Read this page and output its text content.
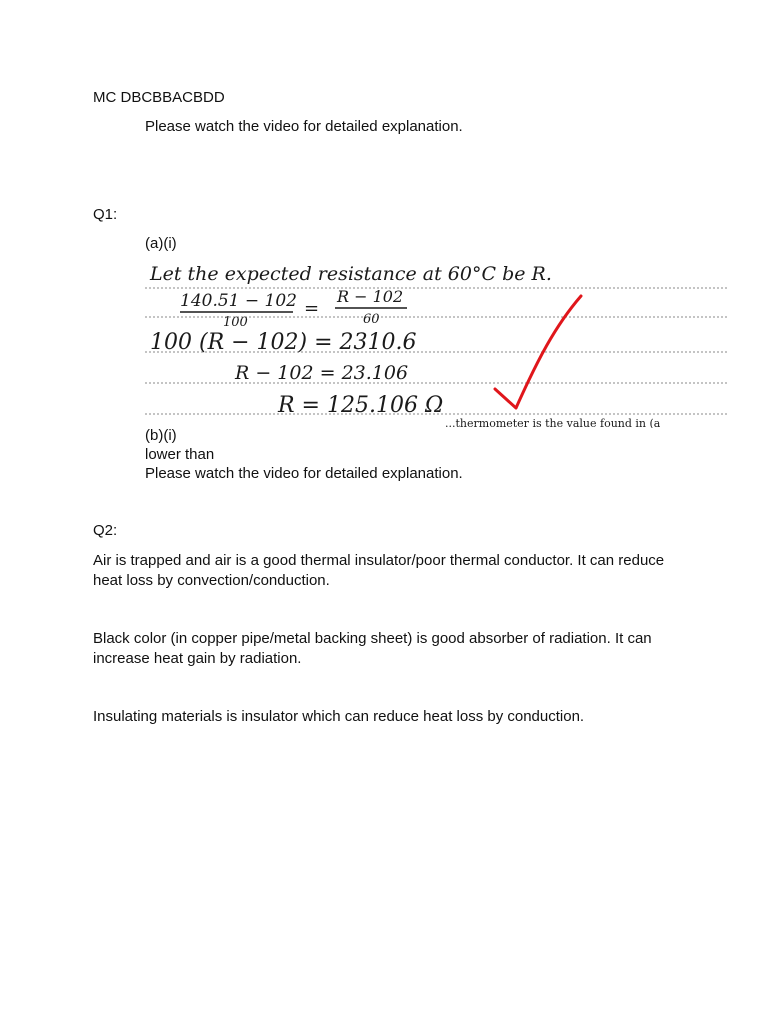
MC DBCBBACBDD
Please watch the video for detailed explanation.
Q1:
(a)(i)
Let the expected resistance at 60°C be R.
140.51 − 102
100
=
R − 102
60
100 (R − 102) = 2310.6
R − 102 = 23.106
R = 125.106 Ω
...thermometer is the value found in (a
(b)(i)
lower than
Please watch the video for detailed explanation.
Q2:
Air is trapped and air is a good thermal insulator/poor thermal conductor. It can reduce heat loss by convection/conduction.
Black color (in copper pipe/metal backing sheet) is good absorber of radiation. It can increase heat gain by radiation.
Insulating materials is insulator which can reduce heat loss by conduction.
